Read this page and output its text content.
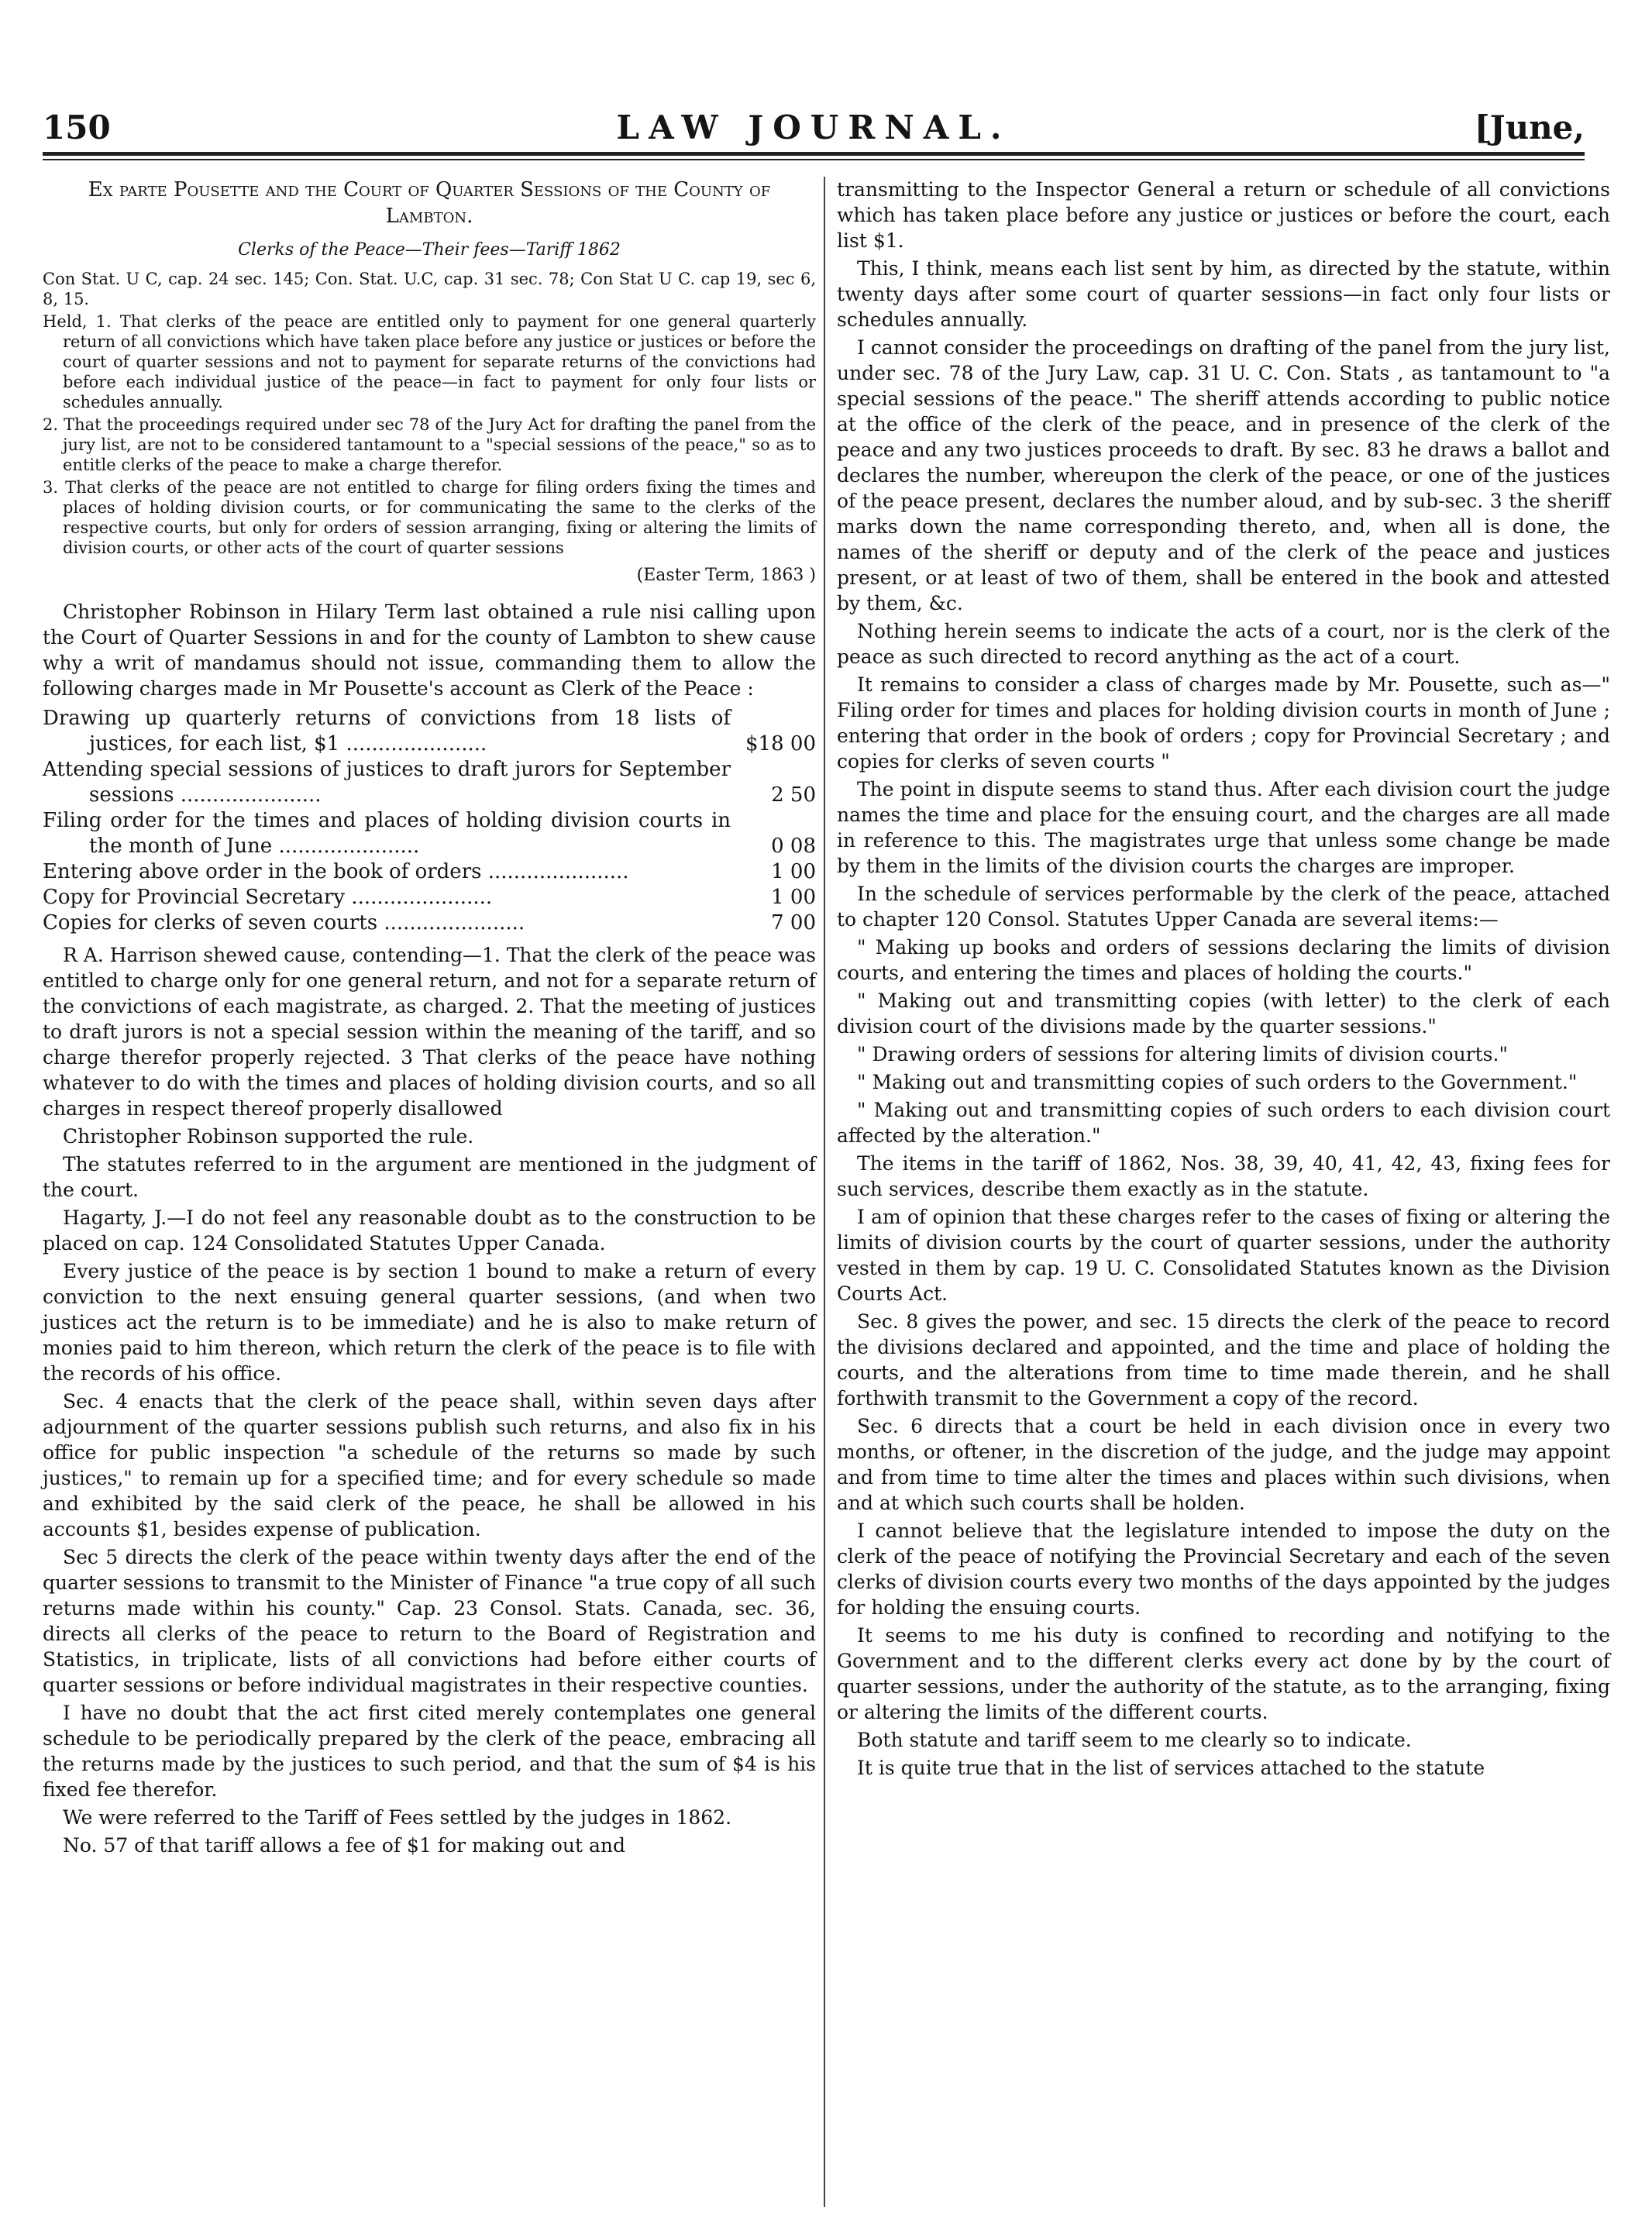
150	LAW JOURNAL.	[June,
Ex parte Pousette and the Court of Quarter Sessions of the County of Lambton.
Clerks of the Peace—Their fees—Tariff 1862

Con Stat. U C, cap. 24 sec. 145; Con. Stat. U.C, cap. 31 sec. 78; Con Stat U C. cap 19, sec 6, 8, 15.

Held, 1. That clerks of the peace are entitled only to payment for one general quarterly return of all convictions which have taken place before any justice or justices or before the court of quarter sessions and not to payment for separate returns of the convictions had before each individual justice of the peace—in fact to payment for only four lists or schedules annually.

2. That the proceedings required under sec 78 of the Jury Act for drafting the panel from the jury list, are not to be considered tantamount to a "special sessions of the peace," so as to entitle clerks of the peace to make a charge therefor.

3. That clerks of the peace are not entitled to charge for filing orders fixing the times and places of holding division courts, or for communicating the same to the clerks of the respective courts, but only for orders of session arranging, fixing or altering the limits of division courts, or other acts of the court of quarter sessions

(Easter Term, 1863 )

Christopher Robinson in Hilary Term last obtained a rule nisi calling upon the Court of Quarter Sessions in and for the county of Lambton to shew cause why a writ of mandamus should not issue, commanding them to allow the following charges made in Mr Pousette's account as Clerk of the Peace :

Drawing up quarterly returns of convictions from 18 lists of justices, for each list, $1 ......................	$18 00
Attending special sessions of justices to draft jurors for September sessions ......................	2 50
Filing order for the times and places of holding division courts in the month of June ......................	0 08
Entering above order in the book of orders ......................	1 00
Copy for Provincial Secretary ......................	1 00
Copies for clerks of seven courts ......................	7 00

R A. Harrison shewed cause, contending—1. That the clerk of the peace was entitled to charge only for one general return, and not for a separate return of the convictions of each magistrate, as charged. 2. That the meeting of justices to draft jurors is not a special session within the meaning of the tariff, and so charge therefor properly rejected. 3 That clerks of the peace have nothing whatever to do with the times and places of holding division courts, and so all charges in respect thereof properly disallowed

Christopher Robinson supported the rule.

The statutes referred to in the argument are mentioned in the judgment of the court.

Hagarty, J.—I do not feel any reasonable doubt as to the construction to be placed on cap. 124 Consolidated Statutes Upper Canada.

Every justice of the peace is by section 1 bound to make a return of every conviction to the next ensuing general quarter sessions, (and when two justices act the return is to be immediate) and he is also to make return of monies paid to him thereon, which return the clerk of the peace is to file with the records of his office.

Sec. 4 enacts that the clerk of the peace shall, within seven days after adjournment of the quarter sessions publish such returns, and also fix in his office for public inspection "a schedule of the returns so made by such justices," to remain up for a specified time; and for every schedule so made and exhibited by the said clerk of the peace, he shall be allowed in his accounts $1, besides expense of publication.

Sec 5 directs the clerk of the peace within twenty days after the end of the quarter sessions to transmit to the Minister of Finance "a true copy of all such returns made within his county." Cap. 23 Consol. Stats. Canada, sec. 36, directs all clerks of the peace to return to the Board of Registration and Statistics, in triplicate, lists of all convictions had before either courts of quarter sessions or before individual magistrates in their respective counties.

I have no doubt that the act first cited merely contemplates one general schedule to be periodically prepared by the clerk of the peace, embracing all the returns made by the justices to such period, and that the sum of $4 is his fixed fee therefor.

We were referred to the Tariff of Fees settled by the judges in 1862.

No. 57 of that tariff allows a fee of $1 for making out and

transmitting to the Inspector General a return or schedule of all convictions which has taken place before any justice or justices or before the court, each list $1.

This, I think, means each list sent by him, as directed by the statute, within twenty days after some court of quarter sessions—in fact only four lists or schedules annually.

I cannot consider the proceedings on drafting of the panel from the jury list, under sec. 78 of the Jury Law, cap. 31 U. C. Con. Stats , as tantamount to "a special sessions of the peace." The sheriff attends according to public notice at the office of the clerk of the peace, and in presence of the clerk of the peace and any two justices proceeds to draft. By sec. 83 he draws a ballot and declares the number, whereupon the clerk of the peace, or one of the justices of the peace present, declares the number aloud, and by sub-sec. 3 the sheriff marks down the name corresponding thereto, and, when all is done, the names of the sheriff or deputy and of the clerk of the peace and justices present, or at least of two of them, shall be entered in the book and attested by them, &c.

Nothing herein seems to indicate the acts of a court, nor is the clerk of the peace as such directed to record anything as the act of a court.

It remains to consider a class of charges made by Mr. Pousette, such as—" Filing order for times and places for holding division courts in month of June ; entering that order in the book of orders ; copy for Provincial Secretary ; and copies for clerks of seven courts "

The point in dispute seems to stand thus. After each division court the judge names the time and place for the ensuing court, and the charges are all made in reference to this. The magistrates urge that unless some change be made by them in the limits of the division courts the charges are improper.

In the schedule of services performable by the clerk of the peace, attached to chapter 120 Consol. Statutes Upper Canada are several items:—

" Making up books and orders of sessions declaring the limits of division courts, and entering the times and places of holding the courts."

" Making out and transmitting copies (with letter) to the clerk of each division court of the divisions made by the quarter sessions."

" Drawing orders of sessions for altering limits of division courts."

" Making out and transmitting copies of such orders to the Government."

" Making out and transmitting copies of such orders to each division court affected by the alteration."

The items in the tariff of 1862, Nos. 38, 39, 40, 41, 42, 43, fixing fees for such services, describe them exactly as in the statute.

I am of opinion that these charges refer to the cases of fixing or altering the limits of division courts by the court of quarter sessions, under the authority vested in them by cap. 19 U. C. Consolidated Statutes known as the Division Courts Act.

Sec. 8 gives the power, and sec. 15 directs the clerk of the peace to record the divisions declared and appointed, and the time and place of holding the courts, and the alterations from time to time made therein, and he shall forthwith transmit to the Government a copy of the record.

Sec. 6 directs that a court be held in each division once in every two months, or oftener, in the discretion of the judge, and the judge may appoint and from time to time alter the times and places within such divisions, when and at which such courts shall be holden.

I cannot believe that the legislature intended to impose the duty on the clerk of the peace of notifying the Provincial Secretary and each of the seven clerks of division courts every two months of the days appointed by the judges for holding the ensuing courts.

It seems to me his duty is confined to recording and notifying to the Government and to the different clerks every act done by by the court of quarter sessions, under the authority of the statute, as to the arranging, fixing or altering the limits of the different courts.

Both statute and tariff seem to me clearly so to indicate.

It is quite true that in the list of services attached to the statute
